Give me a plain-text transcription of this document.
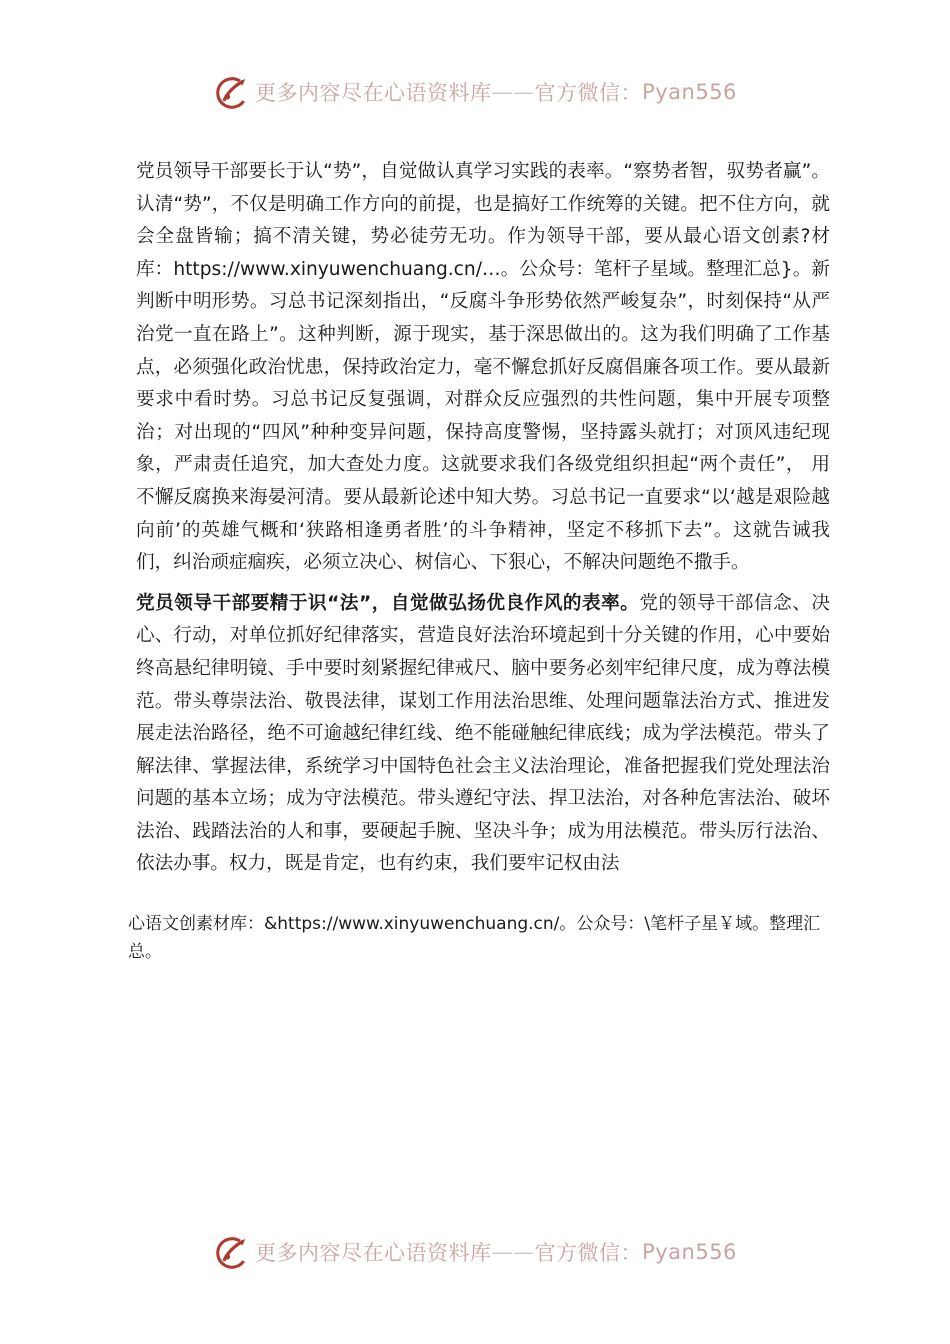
更多内容尽在心语资料库 —— 官方微信： Pyan556

党员领导干部要长于认“势”，自觉做认真学习实践的表率。“察势者智，驭势者赢”。认清“势”，不仅是明确工作方向的前提，也是搞好工作统筹的关键。把不住方向，就会全盘皆输；搞不清关键，势必徒劳无功。作为领导干部，要从最心语文创素?材库：https://www.xinyuwenchuang.cn/…。公众号：笔杆子星域。整理汇总}。新判断中明形势。习总书记深刻指出，“反腐斗争形势依然严峻复杂”，时刻保持“从严治党一直在路上”。这种判断，源于现实，基于深思做出的。这为我们明确了工作基点，必须强化政治忧患，保持政治定力，毫不懈怠抓好反腐倡廉各项工作。要从最新要求中看时势。习总书记反复强调，对群众反应强烈的共性问题，集中开展专项整治；对出现的“四风”种种变异问题，保持高度警惕，坚持露头就打；对顶风违纪现象，严肃责任追究，加大查处力度。这就要求我们各级党组织担起“两个责任”， 用不懈反腐换来海晏河清。要从最新论述中知大势。习总书记一直要求“以‘越是艰险越向前’的英雄气概和‘狭路相逢勇者胜’的斗争精神，坚定不移抓下去”。这就告诫我们，纠治顽症痼疾，必须立决心、树信心、下狠心，不解决问题绝不撒手。

党员领导干部要精于识“法”，自觉做弘扬优良作风的表率。党的领导干部信念、决心、行动，对单位抓好纪律落实，营造良好法治环境起到十分关键的作用，心中要始终高悬纪律明镜、手中要时刻紧握纪律戒尺、脑中要务必刻牢纪律尺度，成为尊法模范。带头尊崇法治、敬畏法律，谋划工作用法治思维、处理问题靠法治方式、推进发展走法治路径，绝不可逾越纪律红线、绝不能碰触纪律底线；成为学法模范。带头了解法律、掌握法律，系统学习中国特色社会主义法治理论，准备把握我们党处理法治问题的基本立场；成为守法模范。带头遵纪守法、捍卫法治，对各种危害法治、破坏法治、践踏法治的人和事，要硬起手腕、坚决斗争；成为用法模范。带头厉行法治、依法办事。权力，既是肯定，也有约束，我们要牢记权由法

心语文创素材库：&https://www.xinyuwenchuang.cn/。公众号：\笔杆子星￥域。整理汇总。

更多内容尽在心语资料库 —— 官方微信： Pyan556
